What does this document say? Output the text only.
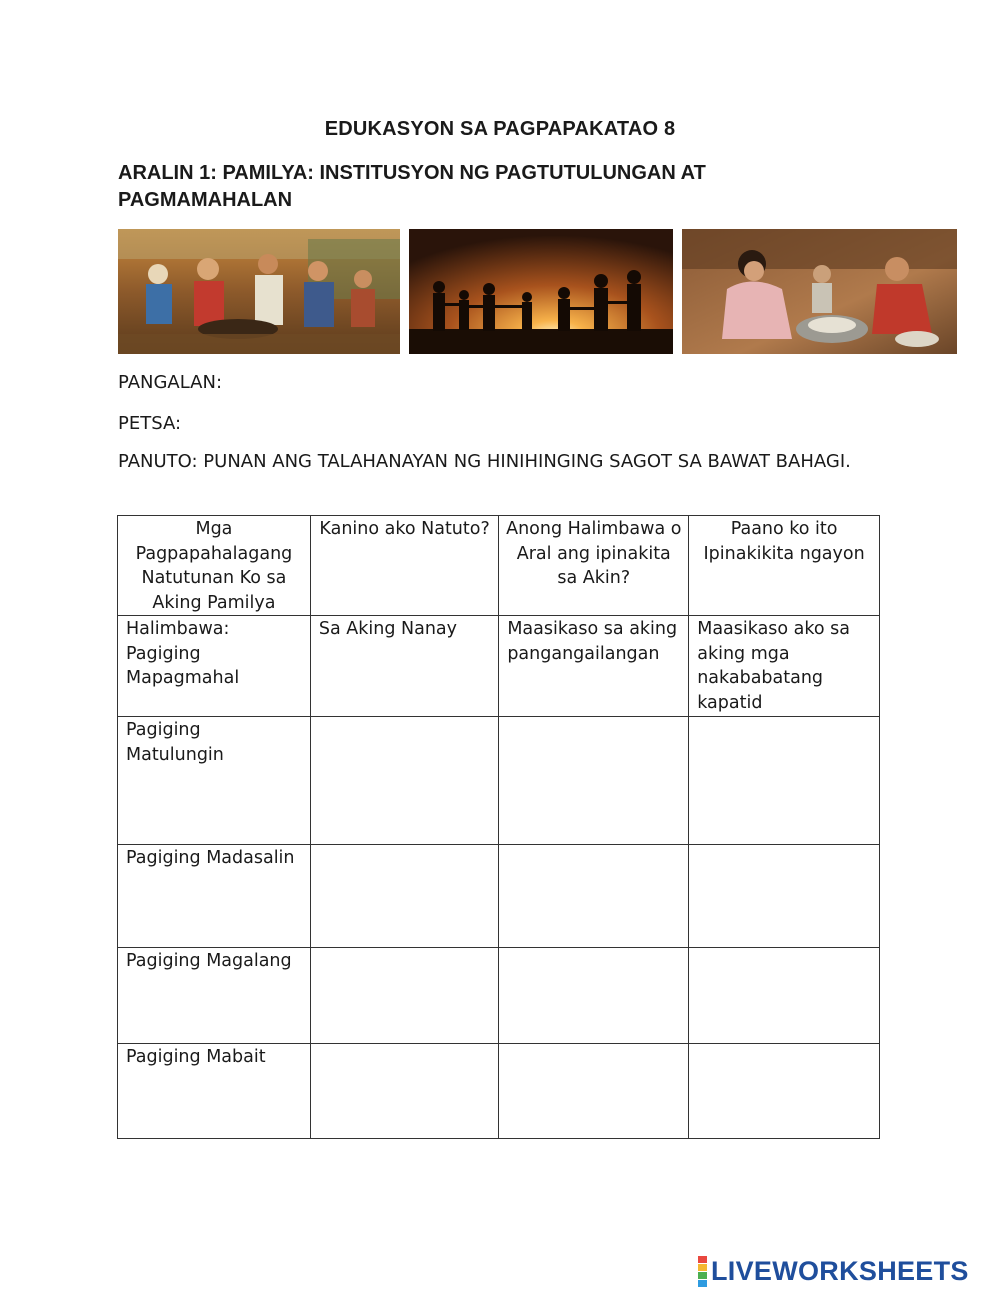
EDUKASYON SA PAGPAPAKATAO 8
ARALIN 1: PAMILYA: INSTITUSYON NG PAGTUTULUNGAN AT PAGMAMAHALAN
PANGALAN:
PETSA:
PANUTO: PUNAN ANG TALAHANAYAN NG HINIHINGING SAGOT SA BAWAT BAHAGI.
Mga Pagpapahalagang Natutunan Ko sa Aking Pamilya	Kanino ako Natuto?	Anong Halimbawa o Aral ang ipinakita sa Akin?	Paano ko ito Ipinakikita ngayon
Halimbawa: Pagiging Mapagmahal	Sa Aking Nanay	Maasikaso sa aking pangangailangan	Maasikaso ako sa aking mga nakababatang kapatid
Pagiging Matulungin			
Pagiging Madasalin			
Pagiging Magalang			
Pagiging Mabait			
LIVEWORKSHEETS
